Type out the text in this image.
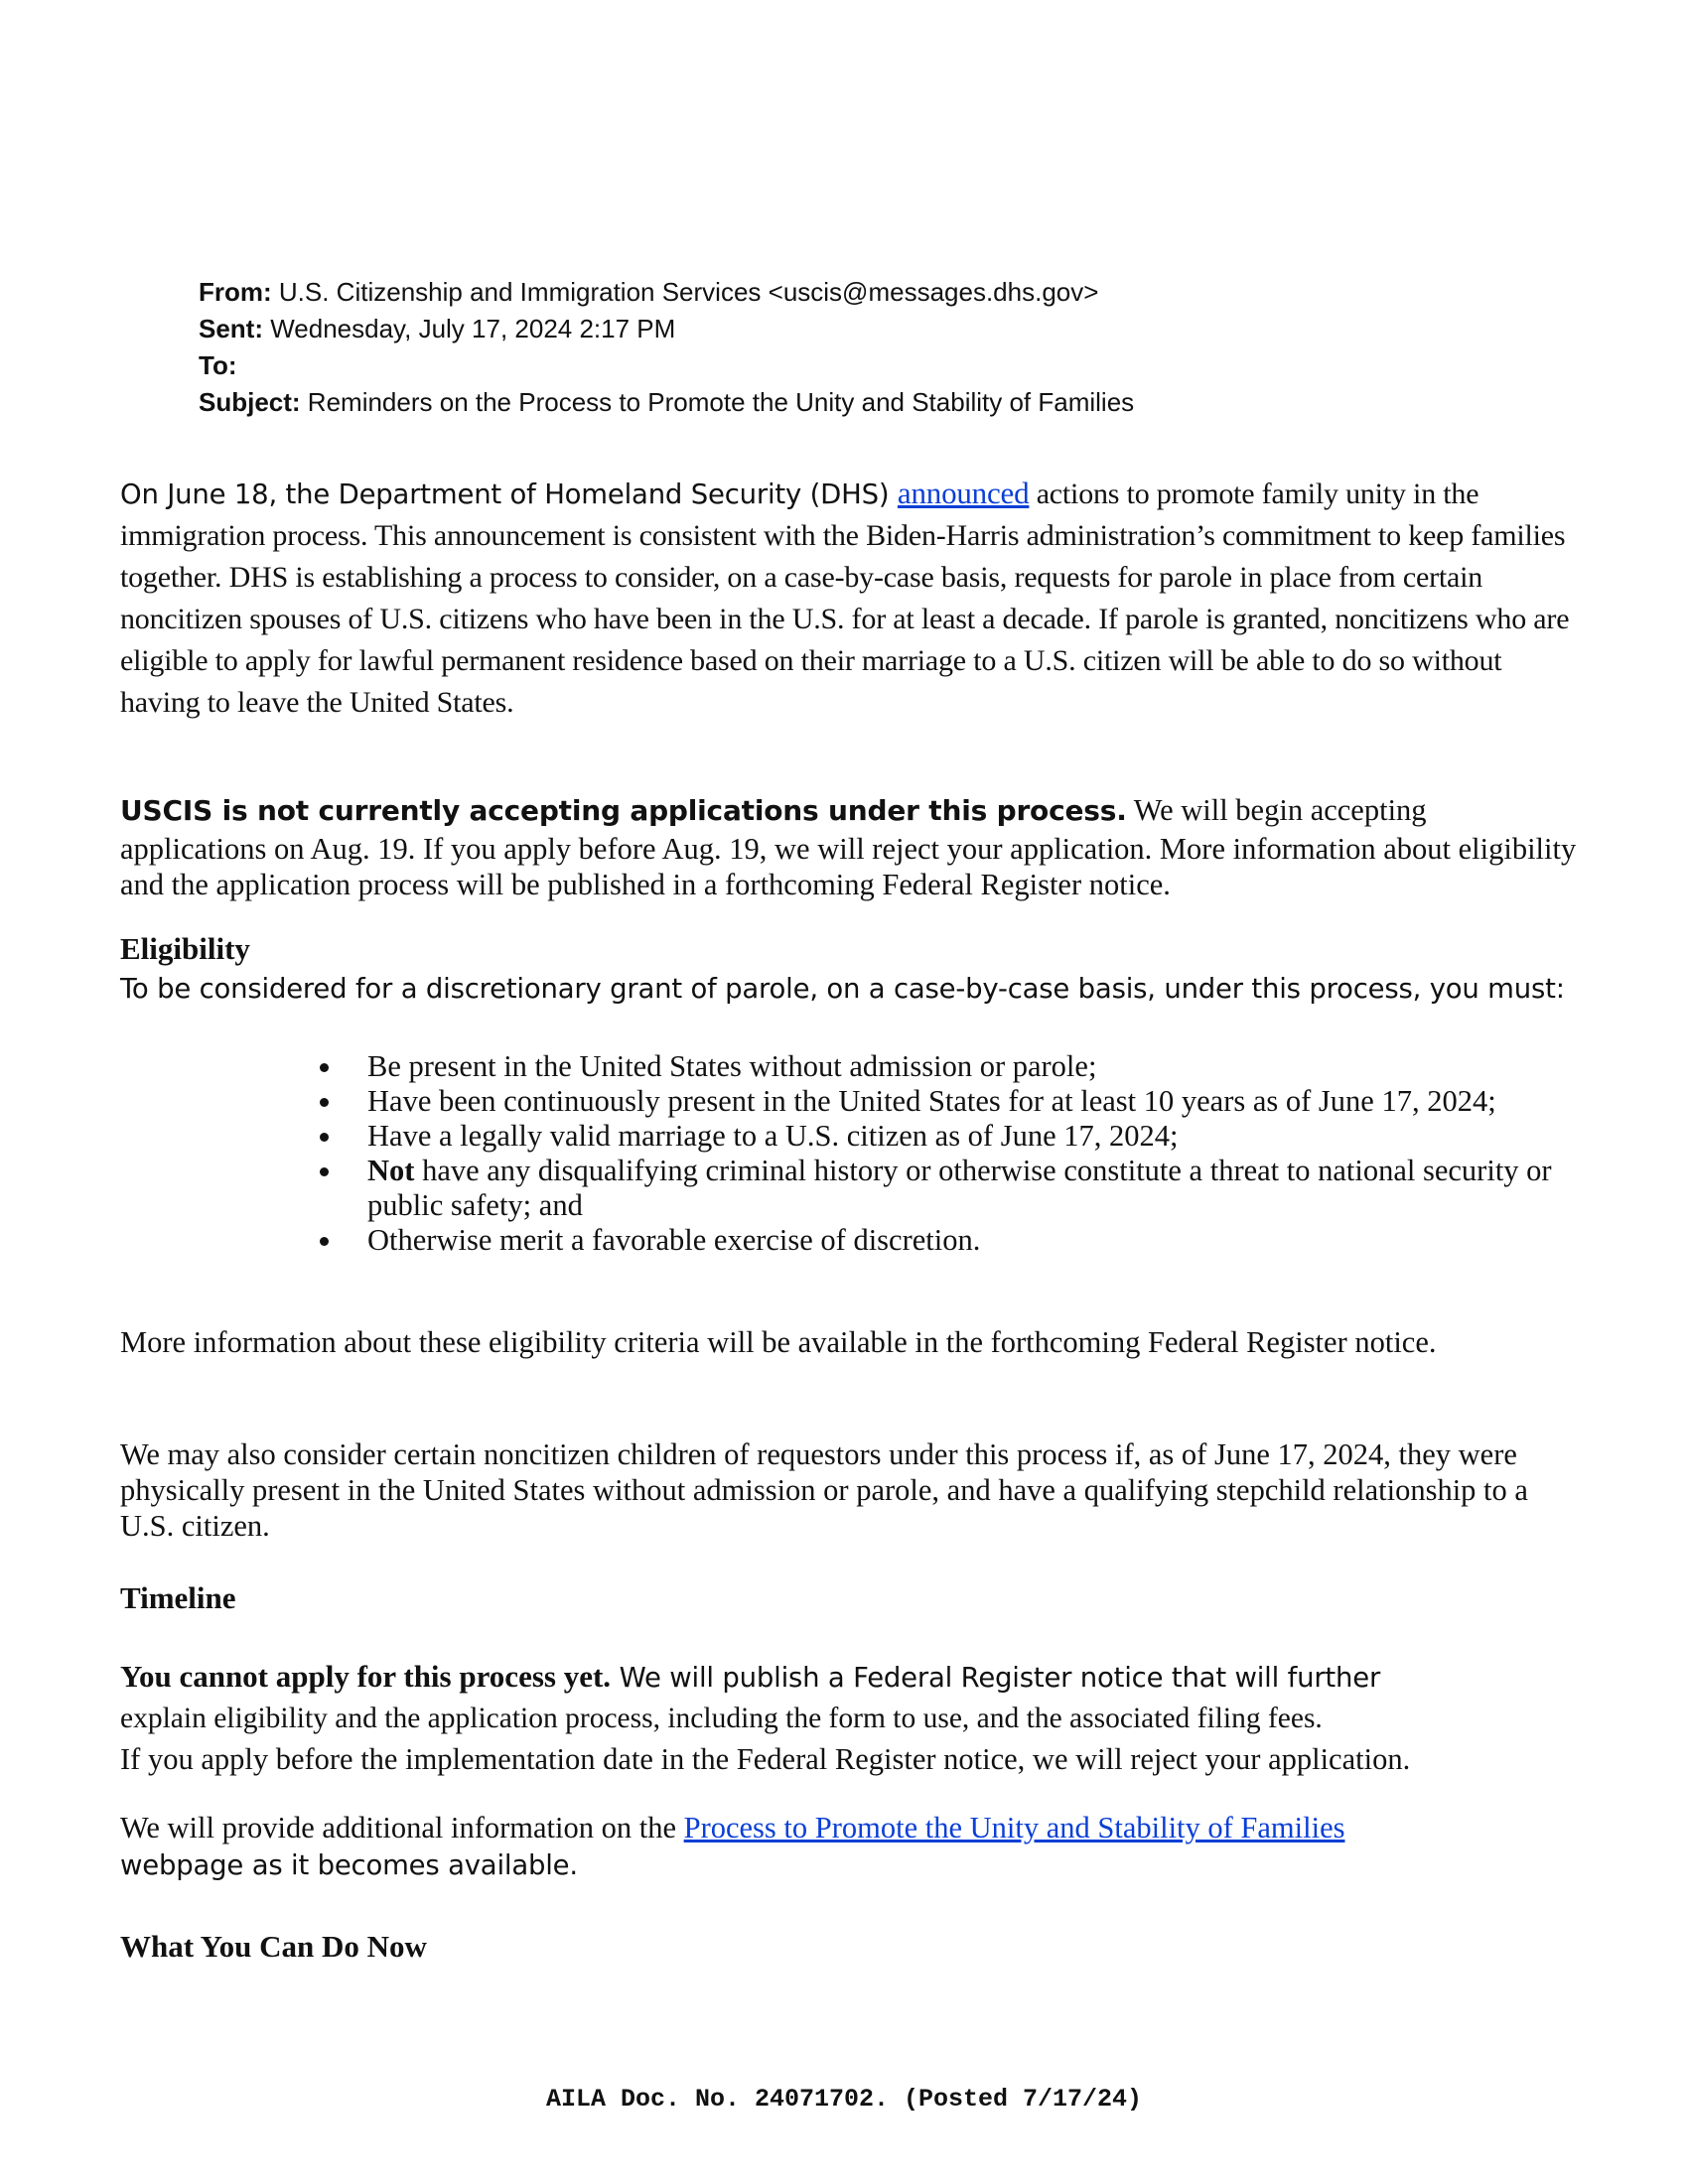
From: U.S. Citizenship and Immigration Services <uscis@messages.dhs.gov>
Sent: Wednesday, July 17, 2024 2:17 PM
To:
Subject: Reminders on the Process to Promote the Unity and Stability of Families
On June 18, the Department of Homeland Security (DHS) announced actions to promote family unity in the immigration process. This announcement is consistent with the Biden-Harris administration’s commitment to keep families together. DHS is establishing a process to consider, on a case-by-case basis, requests for parole in place from certain noncitizen spouses of U.S. citizens who have been in the U.S. for at least a decade. If parole is granted, noncitizens who are eligible to apply for lawful permanent residence based on their marriage to a U.S. citizen will be able to do so without having to leave the United States.
USCIS is not currently accepting applications under this process. We will begin accepting applications on Aug. 19. If you apply before Aug. 19, we will reject your application. More information about eligibility and the application process will be published in a forthcoming Federal Register notice.
Eligibility
To be considered for a discretionary grant of parole, on a case-by-case basis, under this process, you must:
Be present in the United States without admission or parole;
Have been continuously present in the United States for at least 10 years as of June 17, 2024;
Have a legally valid marriage to a U.S. citizen as of June 17, 2024;
Not have any disqualifying criminal history or otherwise constitute a threat to national security or public safety; and
Otherwise merit a favorable exercise of discretion.
More information about these eligibility criteria will be available in the forthcoming Federal Register notice.
We may also consider certain noncitizen children of requestors under this process if, as of June 17, 2024, they were physically present in the United States without admission or parole, and have a qualifying stepchild relationship to a U.S. citizen.
Timeline
You cannot apply for this process yet. We will publish a Federal Register notice that will further
explain eligibility and the application process, including the form to use, and the associated filing fees.
If you apply before the implementation date in the Federal Register notice, we will reject your application.
We will provide additional information on the Process to Promote the Unity and Stability of Families
webpage as it becomes available.
What You Can Do Now
AILA Doc. No. 24071702. (Posted 7/17/24)
